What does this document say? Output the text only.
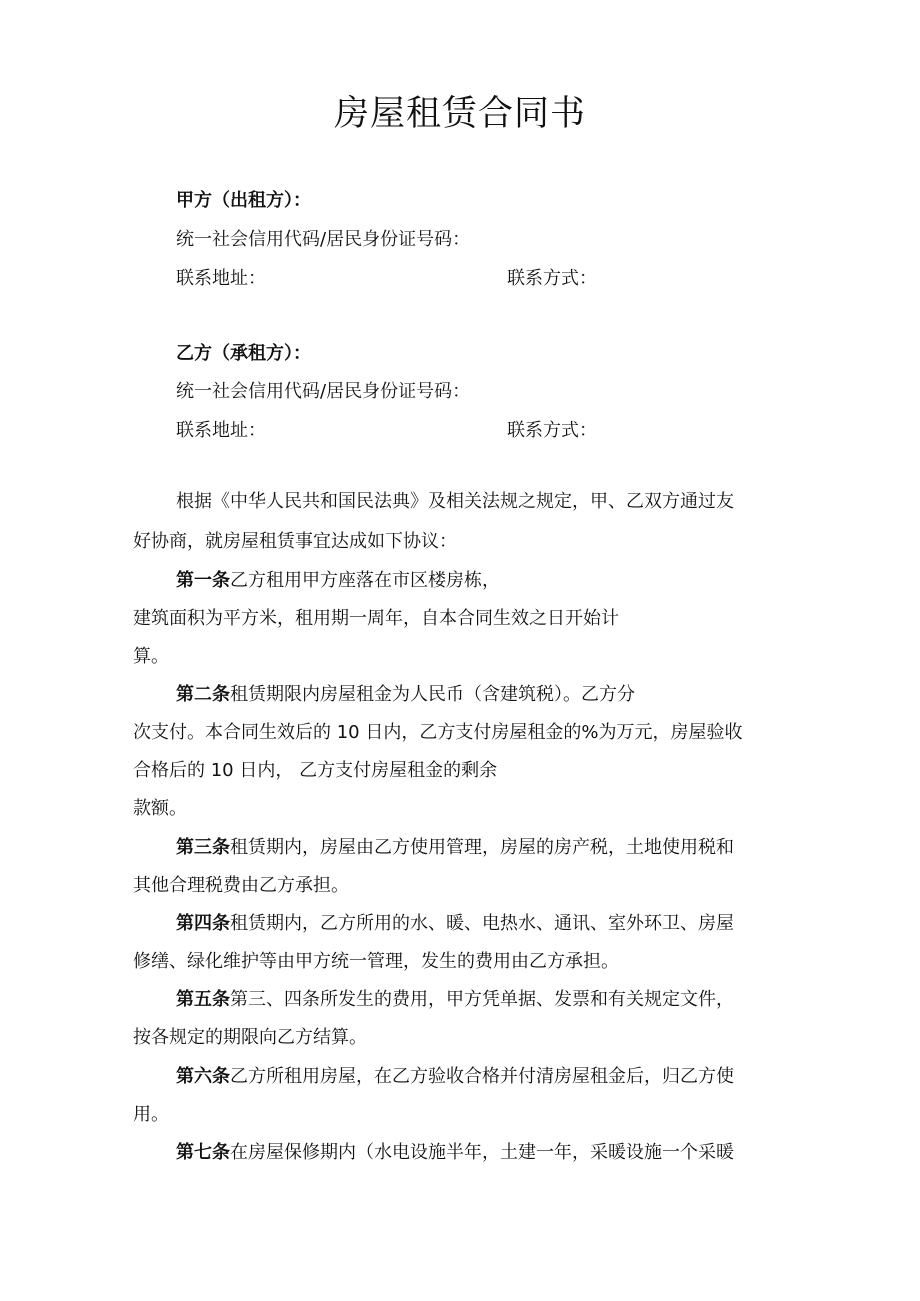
房屋租赁合同书
甲方（出租方）：
统一社会信用代码/居民身份证号码：
联系地址：	联系方式：
乙方（承租方）：
统一社会信用代码/居民身份证号码：
联系地址：	联系方式：
根据《中华人民共和国民法典》及相关法规之规定，甲、乙双方通过友
好协商，就房屋租赁事宜达成如下协议：
第一条乙方租用甲方座落在市区楼房栋，
建筑面积为平方米，租用期一周年，自本合同生效之日开始计
算。
第二条租赁期限内房屋租金为人民币（含建筑税）。乙方分
次支付。本合同生效后的 10 日内，乙方支付房屋租金的%为万元，房屋验收
合格后的 10 日内， 乙方支付房屋租金的剩余
款额。
第三条租赁期内，房屋由乙方使用管理，房屋的房产税，土地使用税和
其他合理税费由乙方承担。
第四条租赁期内，乙方所用的水、暖、电热水、通讯、室外环卫、房屋
修缮、绿化维护等由甲方统一管理，发生的费用由乙方承担。
第五条第三、四条所发生的费用，甲方凭单据、发票和有关规定文件，
按各规定的期限向乙方结算。
第六条乙方所租用房屋，在乙方验收合格并付清房屋租金后，归乙方使
用。
第七条在房屋保修期内（水电设施半年，土建一年，采暖设施一个采暖
